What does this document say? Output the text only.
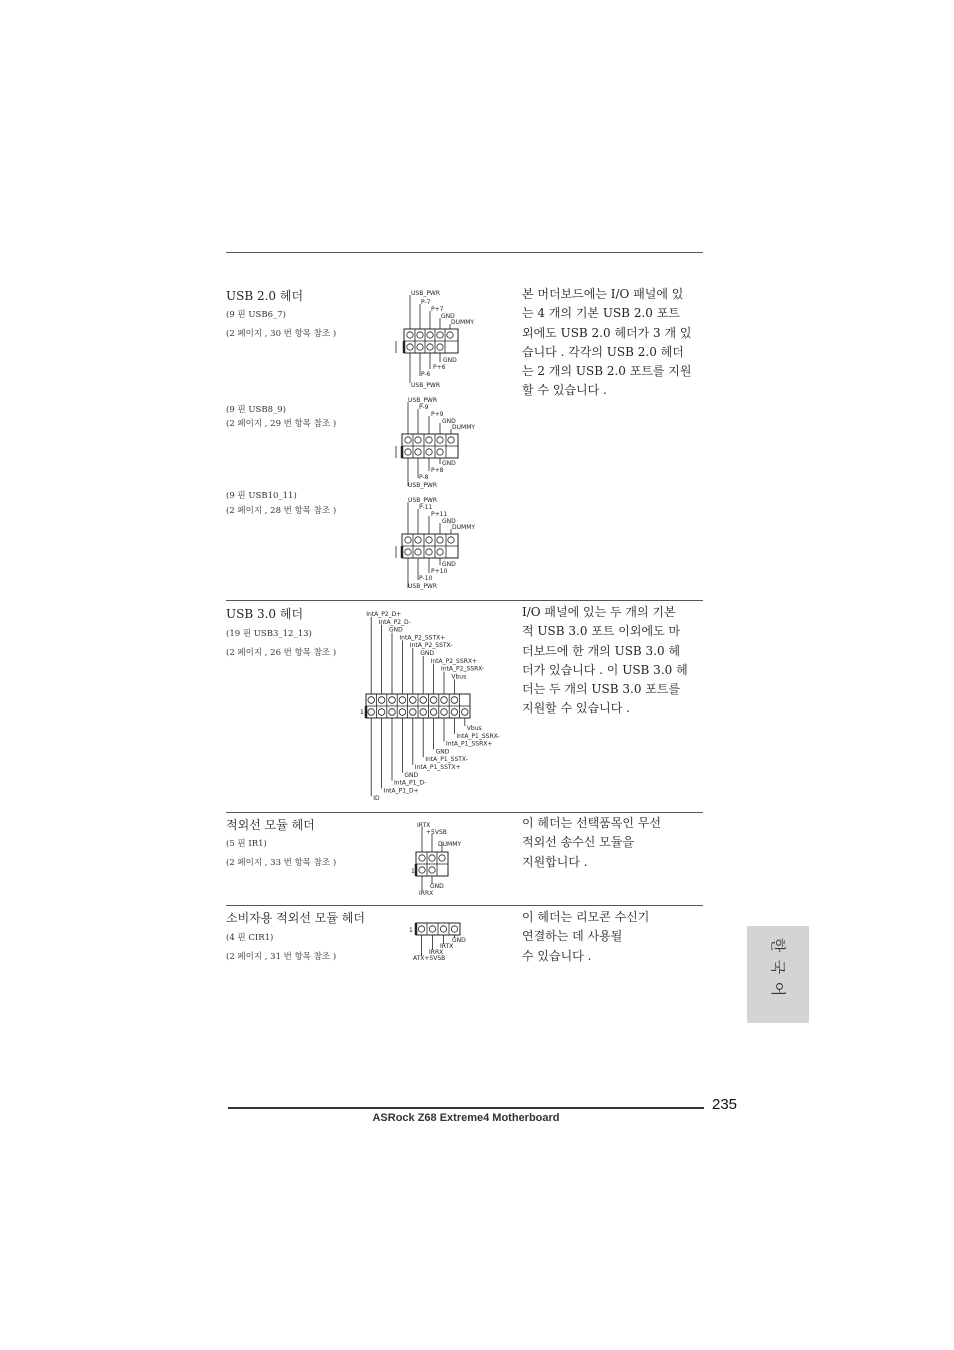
USB 2.0 헤더
(9 핀 USB6_7)
(2 페이지 , 30 번 항목 참조 )
(9 핀 USB8_9)
(2 페이지 , 29 번 항목 참조 )
(9 핀 USB10_11)
(2 페이지 , 28 번 항목 참조 )
본 머더보드에는 I/O 패널에 있
는 4 개의 기본 USB 2.0 포트
외에도 USB 2.0 헤더가 3 개 있
습니다 . 각각의 USB 2.0 헤더
는 2 개의 USB 2.0 포트를 지원
할 수 있습니다 .
USB_PWR
P-7
P+7
GND
DUMMY
GND
P+6
P-6
USB_PWR
USB_PWR
P-9
P+9
GND
DUMMY
GND
P+8
P-8
USB_PWR
USB_PWR
P-11
P+11
GND
DUMMY
GND
P+10
P-10
USB_PWR
USB 3.0 헤더
(19 핀 USB3_12_13)
(2 페이지 , 26 번 항목 참조 )
I/O 패널에 있는 두 개의 기본
적 USB 3.0 포트 이외에도 마
더보드에 한 개의 USB 3.0 헤
더가 있습니다 . 이 USB 3.0 헤
더는 두 개의 USB 3.0 포트를
지원할 수 있습니다 .
1
IntA_P2_D+
IntA_P2_D-
GND
IntA_P2_SSTX+
IntA_P2_SSTX-
GND
IntA_P2_SSRX+
IntA_P2_SSRX-
Vbus
Vbus
IntA_P1_SSRX-
IntA_P1_SSRX+
GND
IntA_P1_SSTX-
IntA_P1_SSTX+
GND
IntA_P1_D-
IntA_P1_D+
ID
적외선 모듈 헤더
(5 핀 IR1)
(2 페이지 , 33 번 항목 참조 )
이 헤더는 선택품목인 무선
적외선 송수신 모듈을
지원합니다 .
1
IRTX
+5VSB
DUMMY
GND
IRRX
소비자용 적외선 모듈 헤더
(4 핀 CIR1)
(2 페이지 , 31 번 항목 참조 )
이 헤더는 리모콘 수신기
연결하는 데 사용될
수 있습니다 .
1
GND
IRTX
IRRX
ATX+5VSB
한
국
어
235
ASRock Z68 Extreme4 Motherboard
